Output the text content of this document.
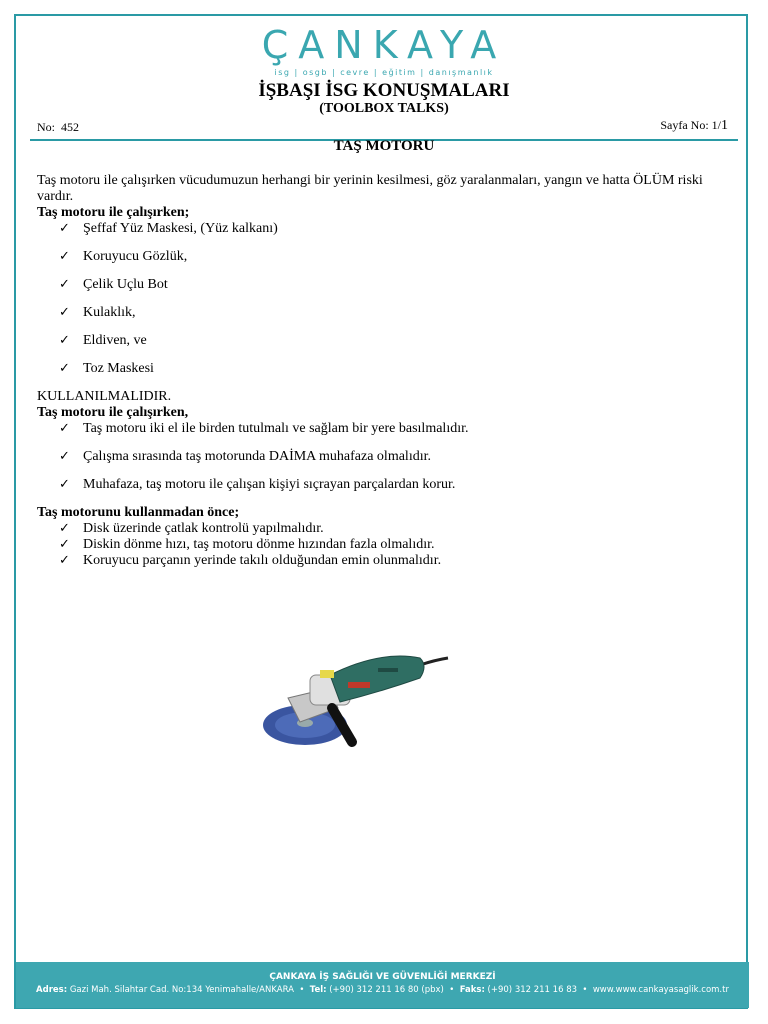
ÇANKAYA
isg | osgb | cevre | eğitim | danışmanlık
İŞBAŞI İSG KONUŞMALARI
(TOOLBOX TALKS)
No: 452	Sayfa No: 1/1
TAŞ MOTORU

Taş motoru ile çalışırken vücudumuzun herhangi bir yerinin kesilmesi, göz yaralanmaları, yangın ve hatta ÖLÜM riski vardır.

Taş motoru ile çalışırken;

✓ Şeffaf Yüz Maskesi, (Yüz kalkanı)
✓ Koruyucu Gözlük,
✓ Çelik Uçlu Bot
✓ Kulaklık,
✓ Eldiven, ve
✓ Toz Maskesi

KULLANILMALIDIR.

Taş motoru ile çalışırken,

✓ Taş motoru iki el ile birden tutulmalı ve sağlam bir yere basılmalıdır.
✓ Çalışma sırasında taş motorunda DAİMA muhafaza olmalıdır.
✓ Muhafaza, taş motoru ile çalışan kişiyi sıçrayan parçalardan korur.

Taş motorunu kullanmadan önce;

✓ Disk üzerinde çatlak kontrolü yapılmalıdır.
✓ Diskin dönme hızı, taş motoru dönme hızından fazla olmalıdır.
✓ Koruyucu parçanın yerinde takılı olduğundan emin olunmalıdır.
ÇANKAYA İŞ SAĞLIĞI VE GÜVENLİĞİ MERKEZİ
Adres: Gazi Mah. Silahtar Cad. No:134 Yenimahalle/ANKARA • Tel: (+90) 312 211 16 80 (pbx) • Faks: (+90) 312 211 16 83 • www.www.cankayasaglik.com.tr
